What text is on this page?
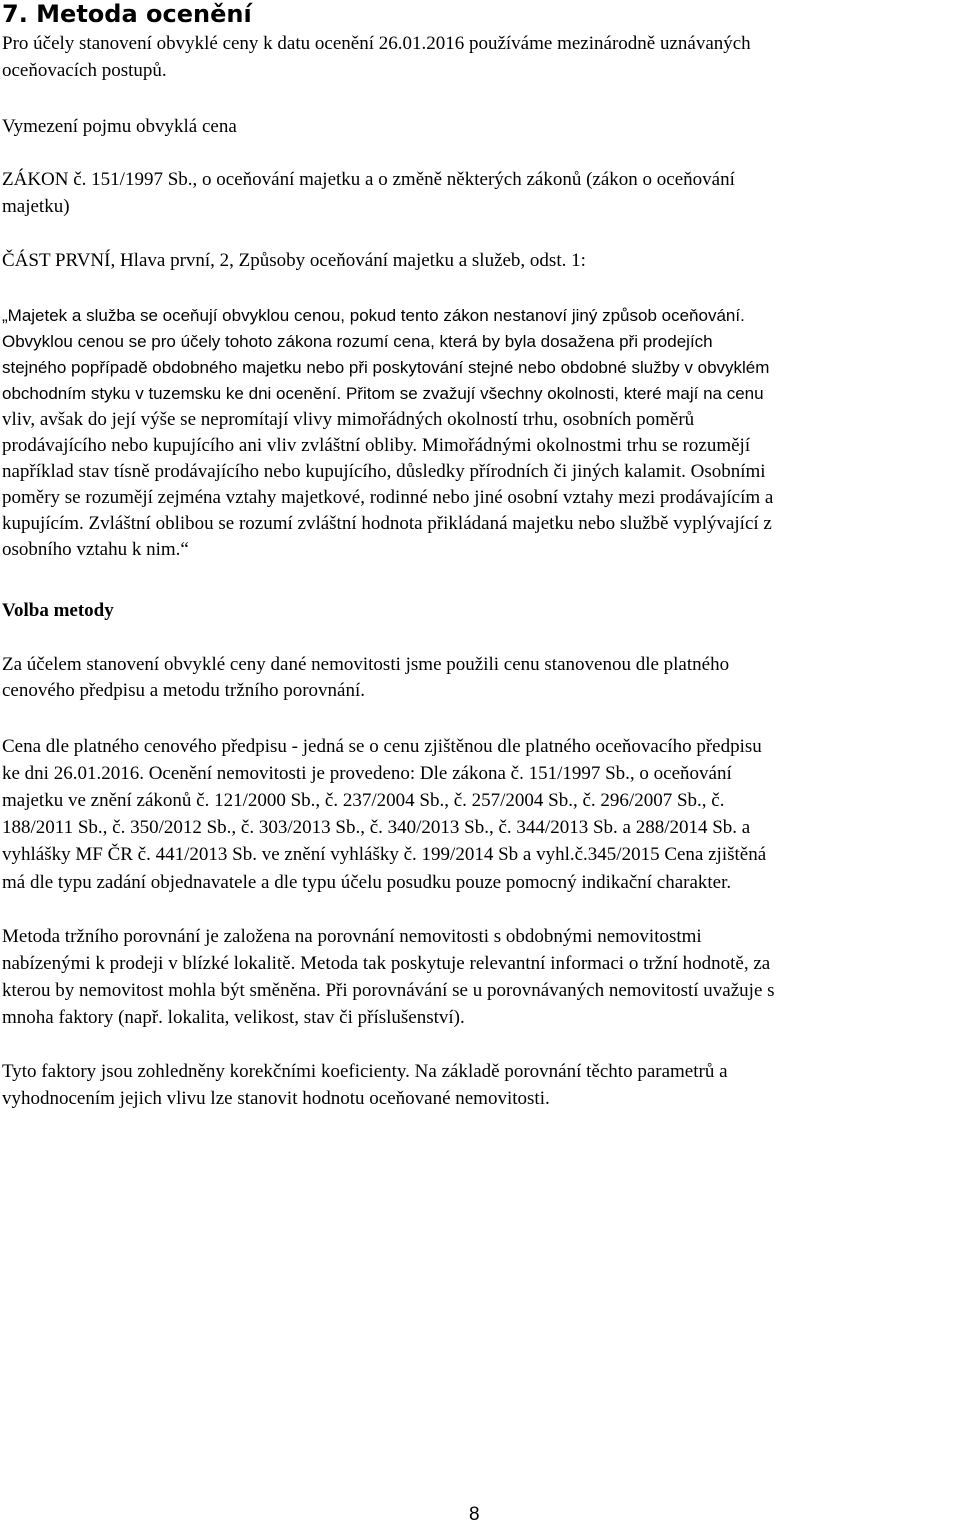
7. Metoda ocenění

Pro účely stanovení obvyklé ceny k datu ocenění 26.01.2016 používáme mezinárodně uznávaných

oceňovacích postupů.

Vymezení pojmu obvyklá cena

ZÁKON č. 151/1997 Sb., o oceňování majetku a o změně některých zákonů (zákon o oceňování

majetku)

ČÁST PRVNÍ, Hlava první, 2, Způsoby oceňování majetku a služeb, odst. 1:

„Majetek a služba se oceňují obvyklou cenou, pokud tento zákon nestanoví jiný způsob oceňování.

Obvyklou cenou se pro účely tohoto zákona rozumí cena, která by byla dosažena při prodejích

stejného popřípadě obdobného majetku nebo při poskytování stejné nebo obdobné služby v obvyklém

obchodním styku v tuzemsku ke dni ocenění. Přitom se zvažují všechny okolnosti, které mají na cenu

vliv, avšak do její výše se nepromítají vlivy mimořádných okolností trhu, osobních poměrů

prodávajícího nebo kupujícího ani vliv zvláštní obliby. Mimořádnými okolnostmi trhu se rozumějí

například stav tísně prodávajícího nebo kupujícího, důsledky přírodních či jiných kalamit. Osobními

poměry se rozumějí zejména vztahy majetkové, rodinné nebo jiné osobní vztahy mezi prodávajícím a

kupujícím. Zvláštní oblibou se rozumí zvláštní hodnota přikládaná majetku nebo službě vyplývající z

osobního vztahu k nim.“

Volba metody

Za účelem stanovení obvyklé ceny dané nemovitosti jsme použili cenu stanovenou dle platného

cenového předpisu a metodu tržního porovnání.

Cena dle platného cenového předpisu - jedná se o cenu zjištěnou dle platného oceňovacího předpisu

ke dni 26.01.2016. Ocenění nemovitosti je provedeno: Dle zákona č. 151/1997 Sb., o oceňování

majetku ve znění zákonů č. 121/2000 Sb., č. 237/2004 Sb., č. 257/2004 Sb., č. 296/2007 Sb., č.

188/2011 Sb., č. 350/2012 Sb., č. 303/2013 Sb., č. 340/2013 Sb., č. 344/2013 Sb. a 288/2014 Sb. a

vyhlášky MF ČR č. 441/2013 Sb. ve znění vyhlášky č. 199/2014 Sb a vyhl.č.345/2015 Cena zjištěná

má dle typu zadání objednavatele a dle typu účelu posudku pouze pomocný indikační charakter.

Metoda tržního porovnání je založena na porovnání nemovitosti s obdobnými nemovitostmi

nabízenými k prodeji v blízké lokalitě. Metoda tak poskytuje relevantní informaci o tržní hodnotě, za

kterou by nemovitost mohla být směněna. Při porovnávání se u porovnávaných nemovitostí uvažuje s

mnoha faktory (např. lokalita, velikost, stav či příslušenství).

Tyto faktory jsou zohledněny korekčními koeficienty. Na základě porovnání těchto parametrů a

vyhodnocením jejich vlivu lze stanovit hodnotu oceňované nemovitosti.

8
